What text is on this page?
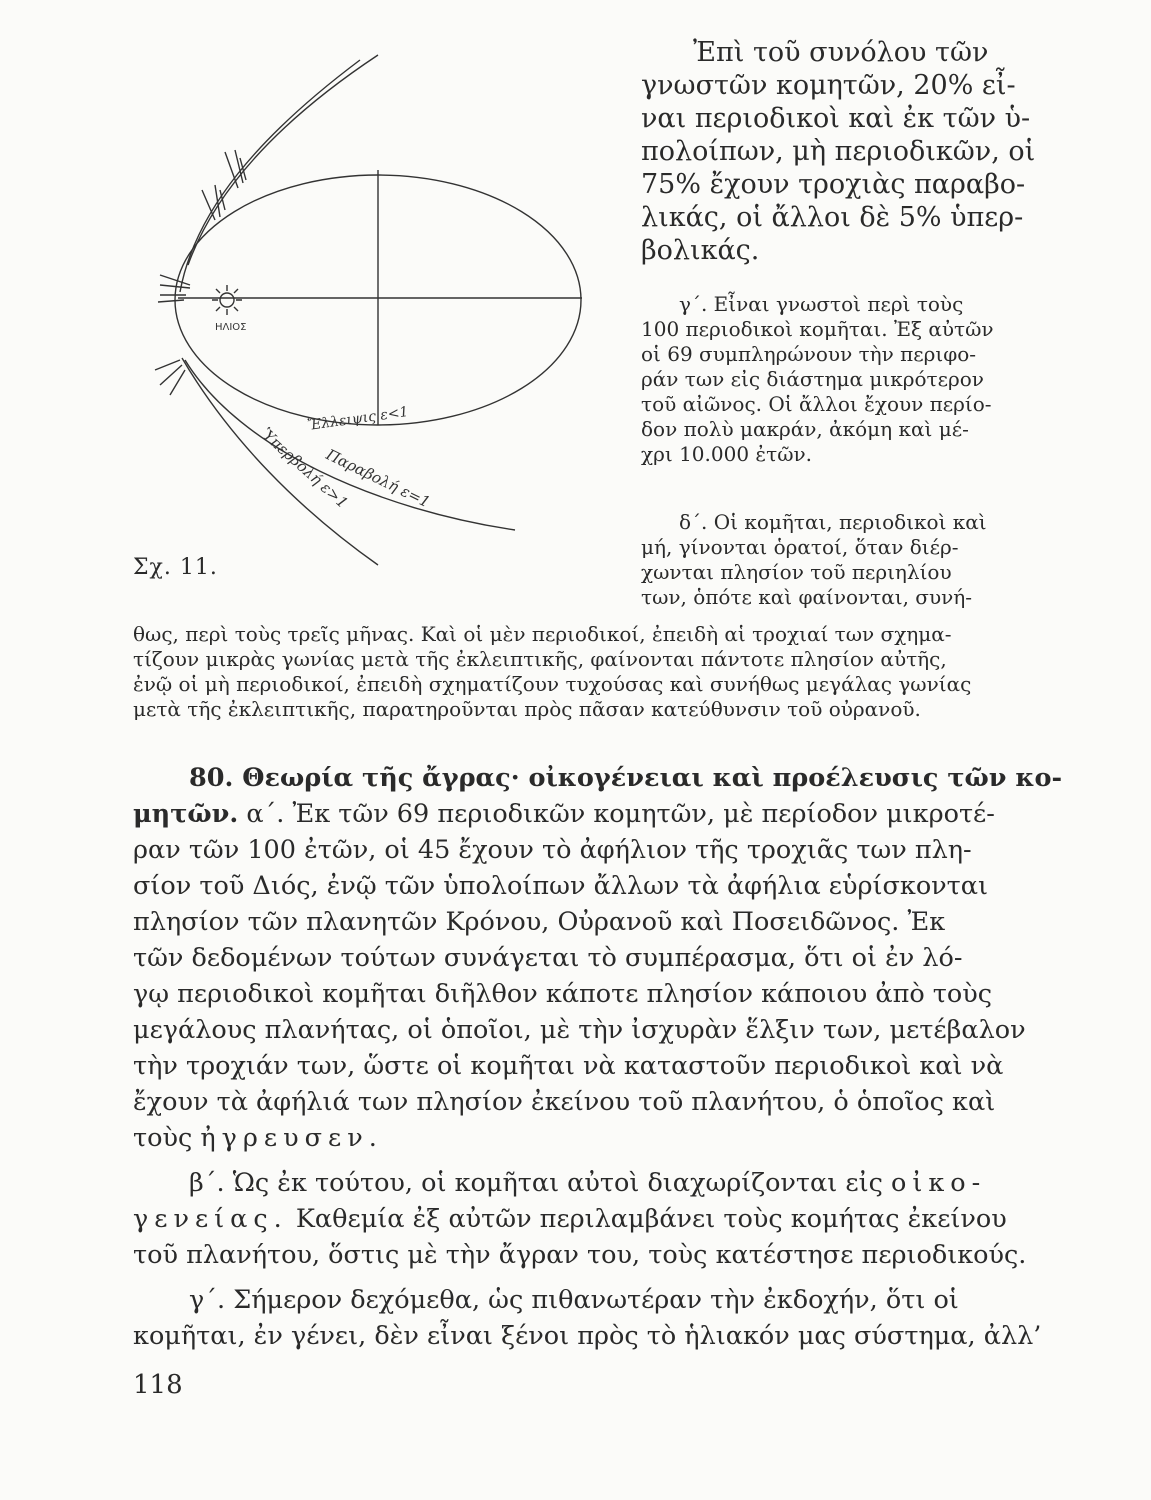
ΗΛΙΟΣ
Ἔλλειψις ε<1
Παραβολή ε=1
Ὑπερβολή ε>1
Σχ. 11.
Ἐπὶ τοῦ συνόλου τῶν
γνωστῶν κομητῶν, 20% εἶ-
ναι περιοδικοὶ καὶ ἐκ τῶν ὑ-
πολοίπων, μὴ περιοδικῶν, οἱ
75% ἔχουν τροχιὰς παραβο-
λικάς, οἱ ἄλλοι δὲ 5% ὑπερ-
βολικάς.
γ΄. Εἶναι γνωστοὶ περὶ τοὺς
100 περιοδικοὶ κομῆται. Ἐξ αὐτῶν
οἱ 69 συμπληρώνουν τὴν περιφο-
ράν των εἰς διάστημα μικρότερον
τοῦ αἰῶνος. Οἱ ἄλλοι ἔχουν περίο-
δον πολὺ μακράν, ἀκόμη καὶ μέ-
χρι 10.000 ἐτῶν.
δ΄. Οἱ κομῆται, περιοδικοὶ καὶ
μή, γίνονται ὁρατοί, ὅταν διέρ-
χωνται πλησίον τοῦ περιηλίου
των, ὁπότε καὶ φαίνονται, συνή-
θως, περὶ τοὺς τρεῖς μῆνας. Καὶ οἱ μὲν περιοδικοί, ἐπειδὴ αἱ τροχιαί των σχημα-
τίζουν μικρὰς γωνίας μετὰ τῆς ἐκλειπτικῆς, φαίνονται πάντοτε πλησίον αὐτῆς,
ἐνῷ οἱ μὴ περιοδικοί, ἐπειδὴ σχηματίζουν τυχούσας καὶ συνήθως μεγάλας γωνίας
μετὰ τῆς ἐκλειπτικῆς, παρατηροῦνται πρὸς πᾶσαν κατεύθυνσιν τοῦ οὐρανοῦ.
80. Θεωρία τῆς ἄγρας· οἰκογένειαι καὶ προέλευσις τῶν κο-
μητῶν. α΄. Ἐκ τῶν 69 περιοδικῶν κομητῶν, μὲ περίοδον μικροτέ-
ραν τῶν 100 ἐτῶν, οἱ 45 ἔχουν τὸ ἀφήλιον τῆς τροχιᾶς των πλη-
σίον τοῦ Διός, ἐνῷ τῶν ὑπολοίπων ἄλλων τὰ ἀφήλια εὑρίσκονται
πλησίον τῶν πλανητῶν Κρόνου, Οὐρανοῦ καὶ Ποσειδῶνος. Ἐκ
τῶν δεδομένων τούτων συνάγεται τὸ συμπέρασμα, ὅτι οἱ ἐν λό-
γῳ περιοδικοὶ κομῆται διῆλθον κάποτε πλησίον κάποιου ἀπὸ τοὺς
μεγάλους πλανήτας, οἱ ὁποῖοι, μὲ τὴν ἰσχυρὰν ἕλξιν των, μετέβαλον
τὴν τροχιάν των, ὥστε οἱ κομῆται νὰ καταστοῦν περιοδικοὶ καὶ νὰ
ἔχουν τὰ ἀφήλιά των πλησίον ἐκείνου τοῦ πλανήτου, ὁ ὁποῖος καὶ
τοὺς ἠγρευσεν.
β΄. Ὡς ἐκ τούτου, οἱ κομῆται αὐτοὶ διαχωρίζονται εἰς οἰκο-
γενείας. Καθεμία ἐξ αὐτῶν περιλαμβάνει τοὺς κομήτας ἐκείνου
τοῦ πλανήτου, ὅστις μὲ τὴν ἄγραν του, τοὺς κατέστησε περιοδικούς.
γ΄. Σήμερον δεχόμεθα, ὡς πιθανωτέραν τὴν ἐκδοχήν, ὅτι οἱ
κομῆται, ἐν γένει, δὲν εἶναι ξένοι πρὸς τὸ ἡλιακόν μας σύστημα, ἀλλ’
118
